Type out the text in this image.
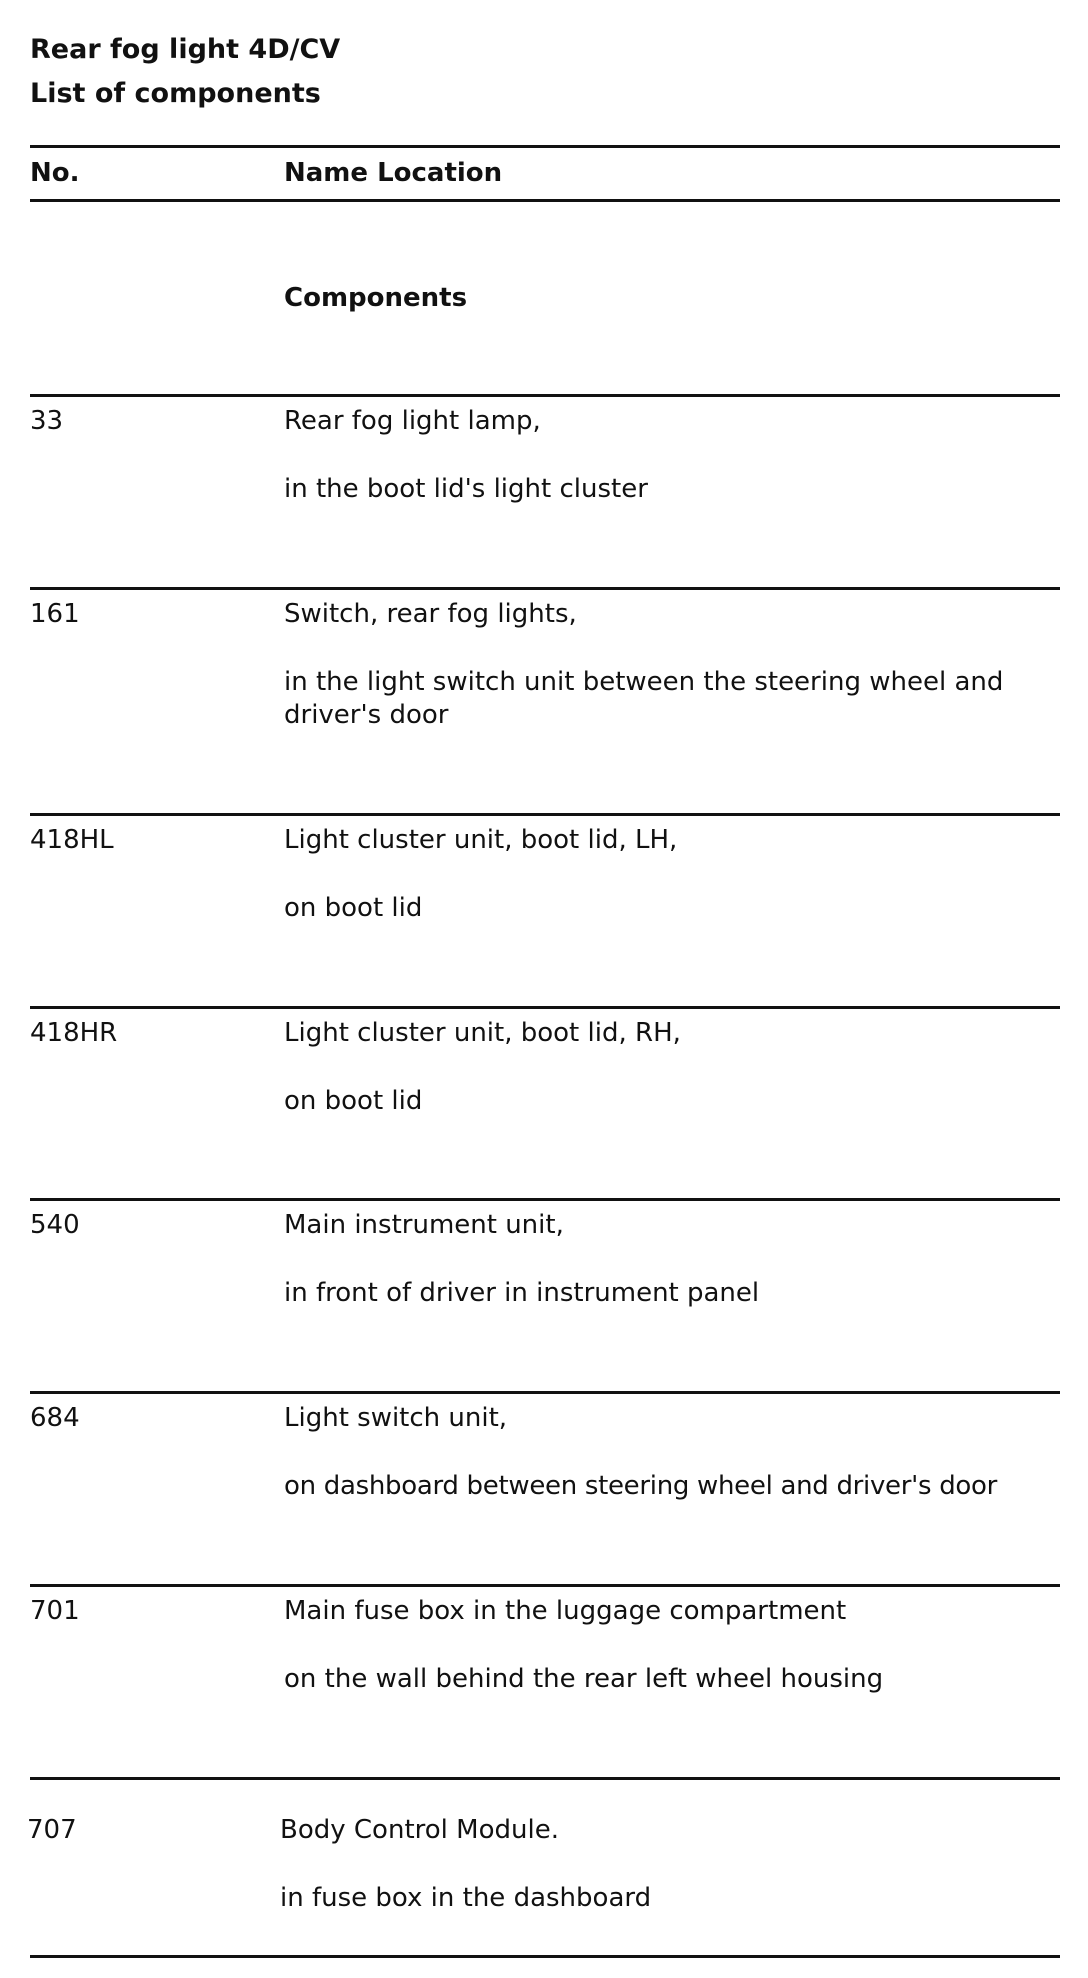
Rear fog light 4D/CV
List of components
No.	Name Location
Components
33	Rear fog light lamp,
in the boot lid's light cluster
161	Switch, rear fog lights,
in the light switch unit between the steering wheel and driver's door
418HL	Light cluster unit, boot lid, LH,
on boot lid
418HR	Light cluster unit, boot lid, RH,
on boot lid
540	Main instrument unit,
in front of driver in instrument panel
684	Light switch unit,
on dashboard between steering wheel and driver's door
701	Main fuse box in the luggage compartment
on the wall behind the rear left wheel housing
707	Body Control Module.
in fuse box in the dashboard
